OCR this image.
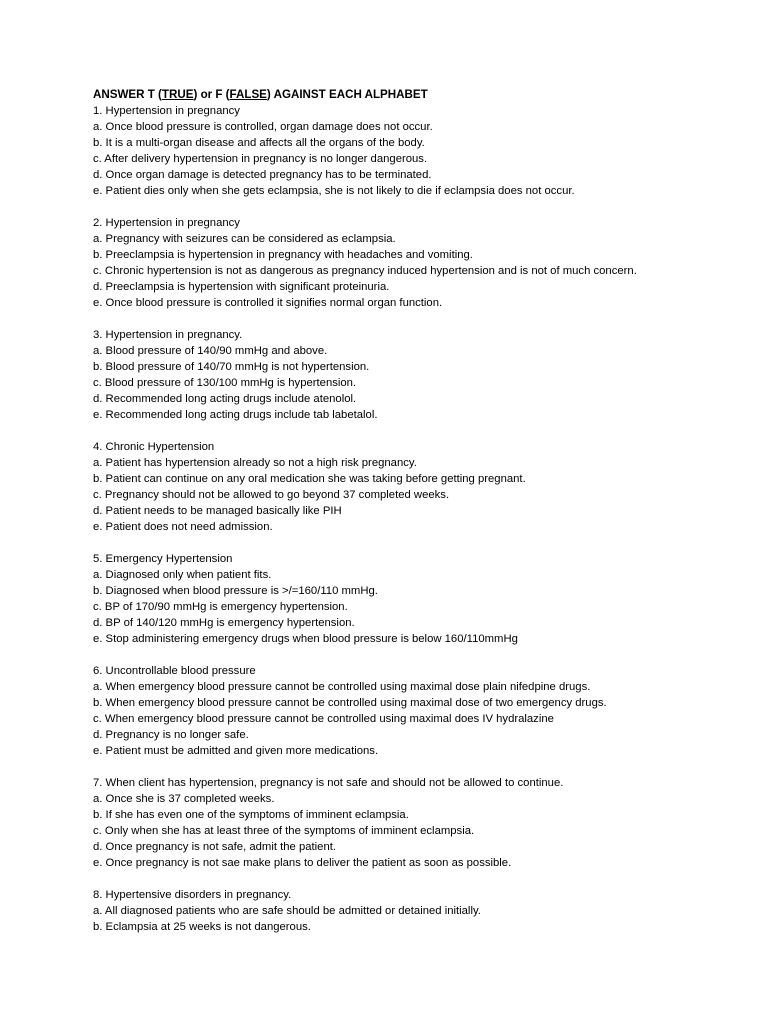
ANSWER T (TRUE) or F (FALSE) AGAINST EACH ALPHABET
1. Hypertension in pregnancy
a. Once blood pressure is controlled, organ damage does not occur.
b. It is a multi-organ disease and affects all the organs of the body.
c. After delivery hypertension in pregnancy is no longer dangerous.
d. Once organ damage is detected pregnancy has to be terminated.
e. Patient dies only when she gets eclampsia, she is not likely to die if eclampsia does not occur.
2. Hypertension in pregnancy
a. Pregnancy with seizures can be considered as eclampsia.
b. Preeclampsia is hypertension in pregnancy with headaches and vomiting.
c. Chronic hypertension is not as dangerous as pregnancy induced hypertension and is not of much concern.
d. Preeclampsia is hypertension with significant proteinuria.
e. Once blood pressure is controlled it signifies normal organ function.
3. Hypertension in pregnancy.
a. Blood pressure of 140/90 mmHg and above.
b. Blood pressure of 140/70 mmHg is not hypertension.
c. Blood pressure of 130/100 mmHg is hypertension.
d. Recommended long acting drugs include atenolol.
e. Recommended long acting drugs include tab labetalol.
4. Chronic Hypertension
a. Patient has hypertension already so not a high risk pregnancy.
b. Patient can continue on any oral medication she was taking before getting pregnant.
c. Pregnancy should not be allowed to go beyond 37 completed weeks.
d. Patient needs to be managed basically like PIH
e. Patient does not need admission.
5. Emergency Hypertension
a. Diagnosed only when patient fits.
b. Diagnosed when blood pressure is >/=160/110 mmHg.
c. BP of 170/90 mmHg is emergency hypertension.
d. BP of 140/120 mmHg is emergency hypertension.
e. Stop administering emergency drugs when blood pressure is below 160/110mmHg
6. Uncontrollable blood pressure
a. When emergency blood pressure cannot be controlled using maximal dose plain nifedpine drugs.
b. When emergency blood pressure cannot be controlled using maximal dose of two emergency drugs.
c. When emergency blood pressure cannot be controlled using maximal does IV hydralazine
d. Pregnancy is no longer safe.
e. Patient must be admitted and given more medications.
7. When client has hypertension, pregnancy is not safe and should not be allowed to continue.
a. Once she is 37 completed weeks.
b. If she has even one of the symptoms of imminent eclampsia.
c. Only when she has at least three of the symptoms of imminent eclampsia.
d. Once pregnancy is not safe, admit the patient.
e. Once pregnancy is not sae make plans to deliver the patient as soon as possible.
8. Hypertensive disorders in pregnancy.
a. All diagnosed patients who are safe should be admitted or detained initially.
b. Eclampsia at 25 weeks is not dangerous.
